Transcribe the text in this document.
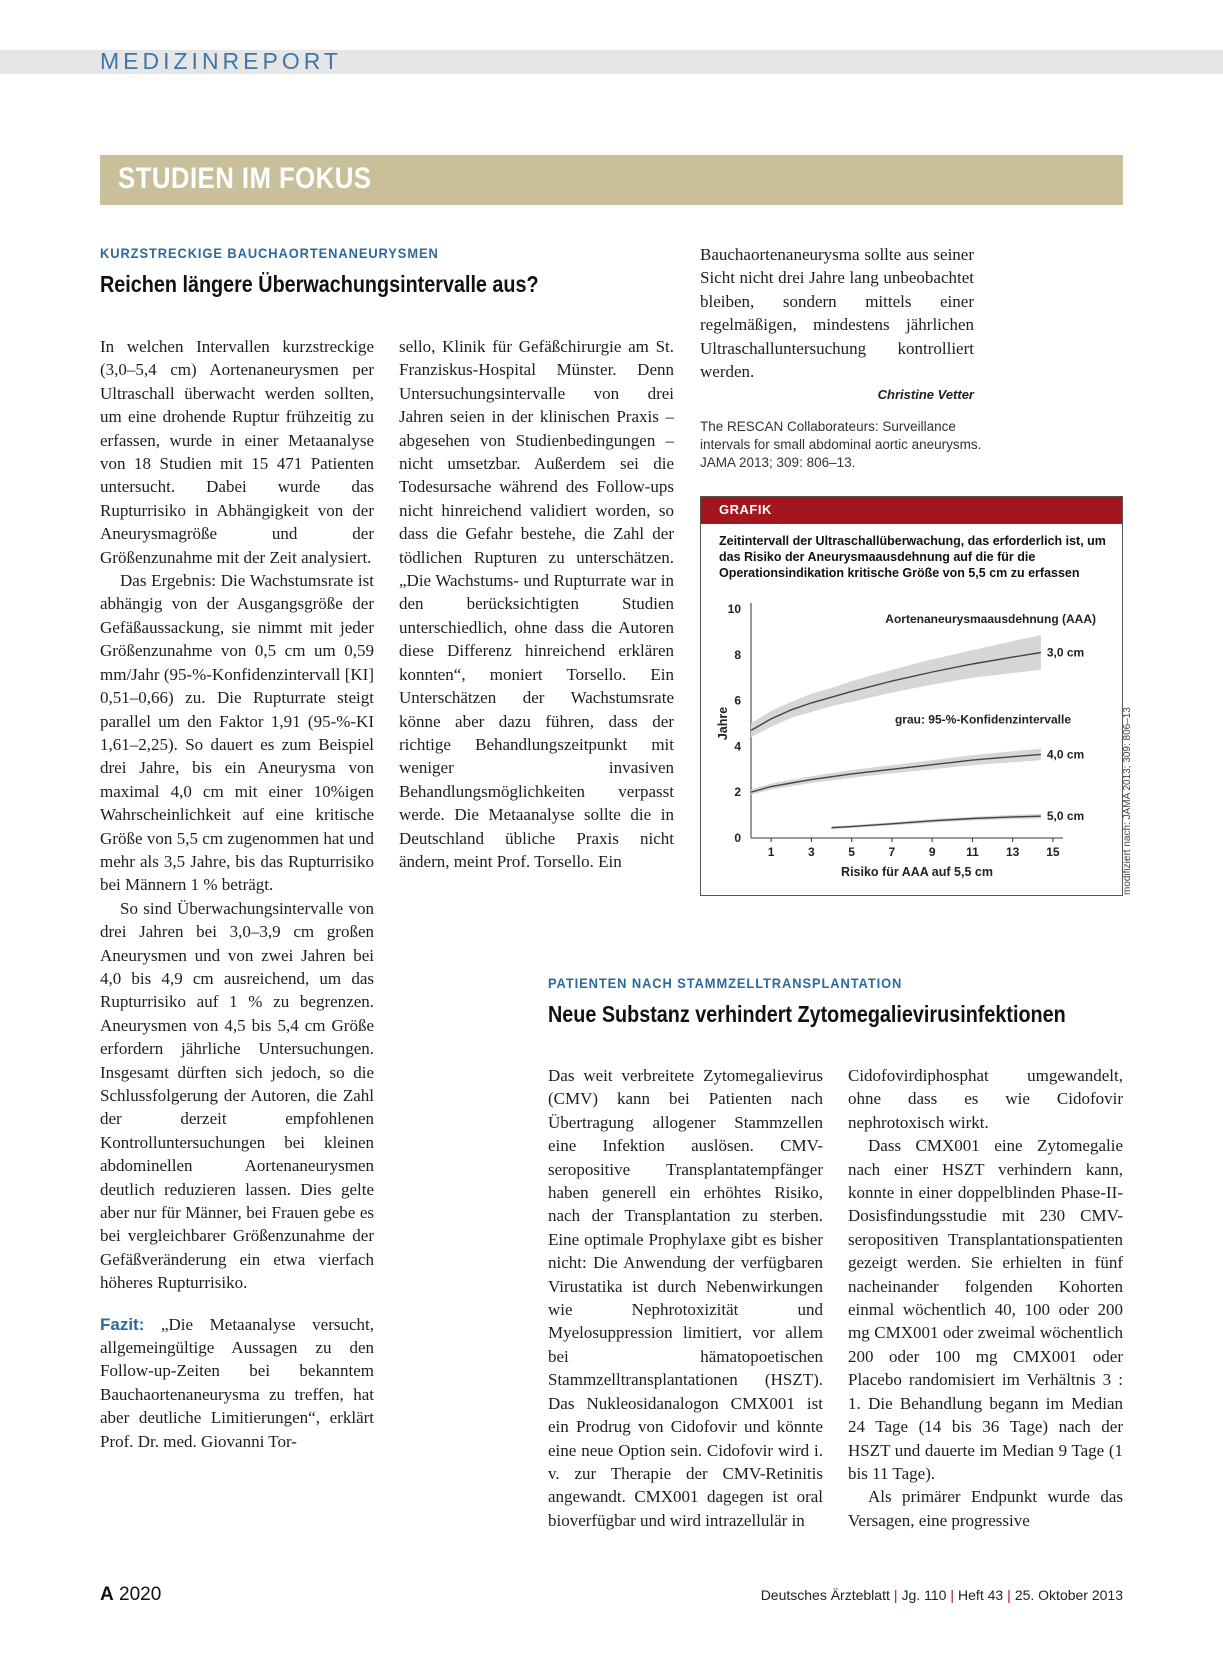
MEDIZINREPORT
STUDIEN IM FOKUS
KURZSTRECKIGE BAUCHAORTENANEURYSMEN
Reichen längere Überwachungsintervalle aus?

In welchen Intervallen kurzstreckige (3,0–5,4 cm) Aortenaneurysmen per Ultraschall überwacht werden sollten, um eine drohende Ruptur frühzeitig zu erfassen, wurde in einer Metaanalyse von 18 Studien mit 15 471 Patienten untersucht. Dabei wurde das Rupturrisiko in Abhängigkeit von der Aneurysmagröße und der Größenzunahme mit der Zeit analysiert.

Das Ergebnis: Die Wachstumsrate ist abhängig von der Ausgangsgröße der Gefäßaussackung, sie nimmt mit jeder Größenzunahme von 0,5 cm um 0,59 mm/Jahr (95-%-Konfidenzintervall [KI] 0,51–0,66) zu. Die Rupturrate steigt parallel um den Faktor 1,91 (95-%-KI 1,61–2,25). So dauert es zum Beispiel drei Jahre, bis ein Aneurysma von maximal 4,0 cm mit einer 10%igen Wahrscheinlichkeit auf eine kritische Größe von 5,5 cm zugenommen hat und mehr als 3,5 Jahre, bis das Rupturrisiko bei Männern 1 % beträgt.

So sind Überwachungsintervalle von drei Jahren bei 3,0–3,9 cm großen Aneurysmen und von zwei Jahren bei 4,0 bis 4,9 cm ausreichend, um das Rupturrisiko auf 1 % zu begrenzen. Aneurysmen von 4,5 bis 5,4 cm Größe erfordern jährliche Untersuchungen. Insgesamt dürften sich jedoch, so die Schlussfolgerung der Autoren, die Zahl der derzeit empfohlenen Kontrolluntersuchungen bei kleinen abdominellen Aortenaneurysmen deutlich reduzieren lassen. Dies gelte aber nur für Männer, bei Frauen gebe es bei vergleichbarer Größenzunahme der Gefäßveränderung ein etwa vierfach höheres Rupturrisiko.

Fazit: „Die Metaanalyse versucht, allgemeingültige Aussagen zu den Follow-up-Zeiten bei bekanntem Bauchaortenaneurysma zu treffen, hat aber deutliche Limitierungen“, erklärt Prof. Dr. med. Giovanni Tor-

sello, Klinik für Gefäßchirurgie am St. Franziskus-Hospital Münster. Denn Untersuchungsintervalle von drei Jahren seien in der klinischen Praxis – abgesehen von Studienbedingungen – nicht umsetzbar. Außerdem sei die Todesursache während des Follow-ups nicht hinreichend validiert worden, so dass die Gefahr bestehe, die Zahl der tödlichen Rupturen zu unterschätzen. „Die Wachstums- und Rupturrate war in den berücksichtigten Studien unterschiedlich, ohne dass die Autoren diese Differenz hinreichend erklären konnten“, moniert Torsello. Ein Unterschätzen der Wachstumsrate könne aber dazu führen, dass der richtige Behandlungszeitpunkt mit weniger invasiven Behandlungsmöglichkeiten verpasst werde. Die Metaanalyse sollte die in Deutschland übliche Praxis nicht ändern, meint Prof. Torsello. Ein

Bauchaortenaneurysma sollte aus seiner Sicht nicht drei Jahre lang unbeobachtet bleiben, sondern mittels einer regelmäßigen, mindestens jährlichen Ultraschalluntersuchung kontrolliert werden.

Christine Vetter
The RESCAN Collaborateurs: Surveillance intervals for small abdominal aortic aneurysms. JAMA 2013; 309: 806–13.
GRAFIK
Zeitintervall der Ultraschallüberwachung, das erforderlich ist, um das Risiko der Aneurysmaausdehnung auf die für die Operationsindikation kritische Größe von 5,5 cm zu erfassen
0
2
4
6
8
10
1	3	5	7	9	11 13 15
Risiko für AAA auf 5,5 cm
Jahre
Aortenaneurysmaausdehnung (AAA)
grau: 95-%-Konfidenzintervalle
3,0 cm
4,0 cm
5,0 cm	modifiziert nach: JAMA 2013; 309: 806–13
PATIENTEN NACH STAMMZELLTRANSPLANTATION
Neue Substanz verhindert Zytomegalievirusinfektionen

Das weit verbreitete Zytomegalievirus (CMV) kann bei Patienten nach Übertragung allogener Stammzellen eine Infektion auslösen. CMV-seropositive Transplantatempfänger haben generell ein erhöhtes Risiko, nach der Transplantation zu sterben. Eine optimale Prophylaxe gibt es bisher nicht: Die Anwendung der verfügbaren Virustatika ist durch Nebenwirkungen wie Nephrotoxizität und Myelosuppression limitiert, vor allem bei hämatopoetischen Stammzelltransplantationen (HSZT). Das Nukleosidanalogon CMX001 ist ein Prodrug von Cidofovir und könnte eine neue Option sein. Cidofovir wird i. v. zur Therapie der CMV-Retinitis angewandt. CMX001 dagegen ist oral bioverfügbar und wird intrazellulär in

Cidofovirdiphosphat umgewandelt, ohne dass es wie Cidofovir nephrotoxisch wirkt.

Dass CMX001 eine Zytomegalie nach einer HSZT verhindern kann, konnte in einer doppelblinden Phase-II-Dosisfindungsstudie mit 230 CMV-seropositiven Transplantationspatienten gezeigt werden. Sie erhielten in fünf nacheinander folgenden Kohorten einmal wöchentlich 40, 100 oder 200 mg CMX001 oder zweimal wöchentlich 200 oder 100 mg CMX001 oder Placebo randomisiert im Verhältnis 3 : 1. Die Behandlung begann im Median 24 Tage (14 bis 36 Tage) nach der HSZT und dauerte im Median 9 Tage (1 bis 11 Tage).

Als primärer Endpunkt wurde das Versagen, eine progressive

A 2020	Deutsches Ärzteblatt | Jg. 110 | Heft 43 | 25. Oktober 2013
